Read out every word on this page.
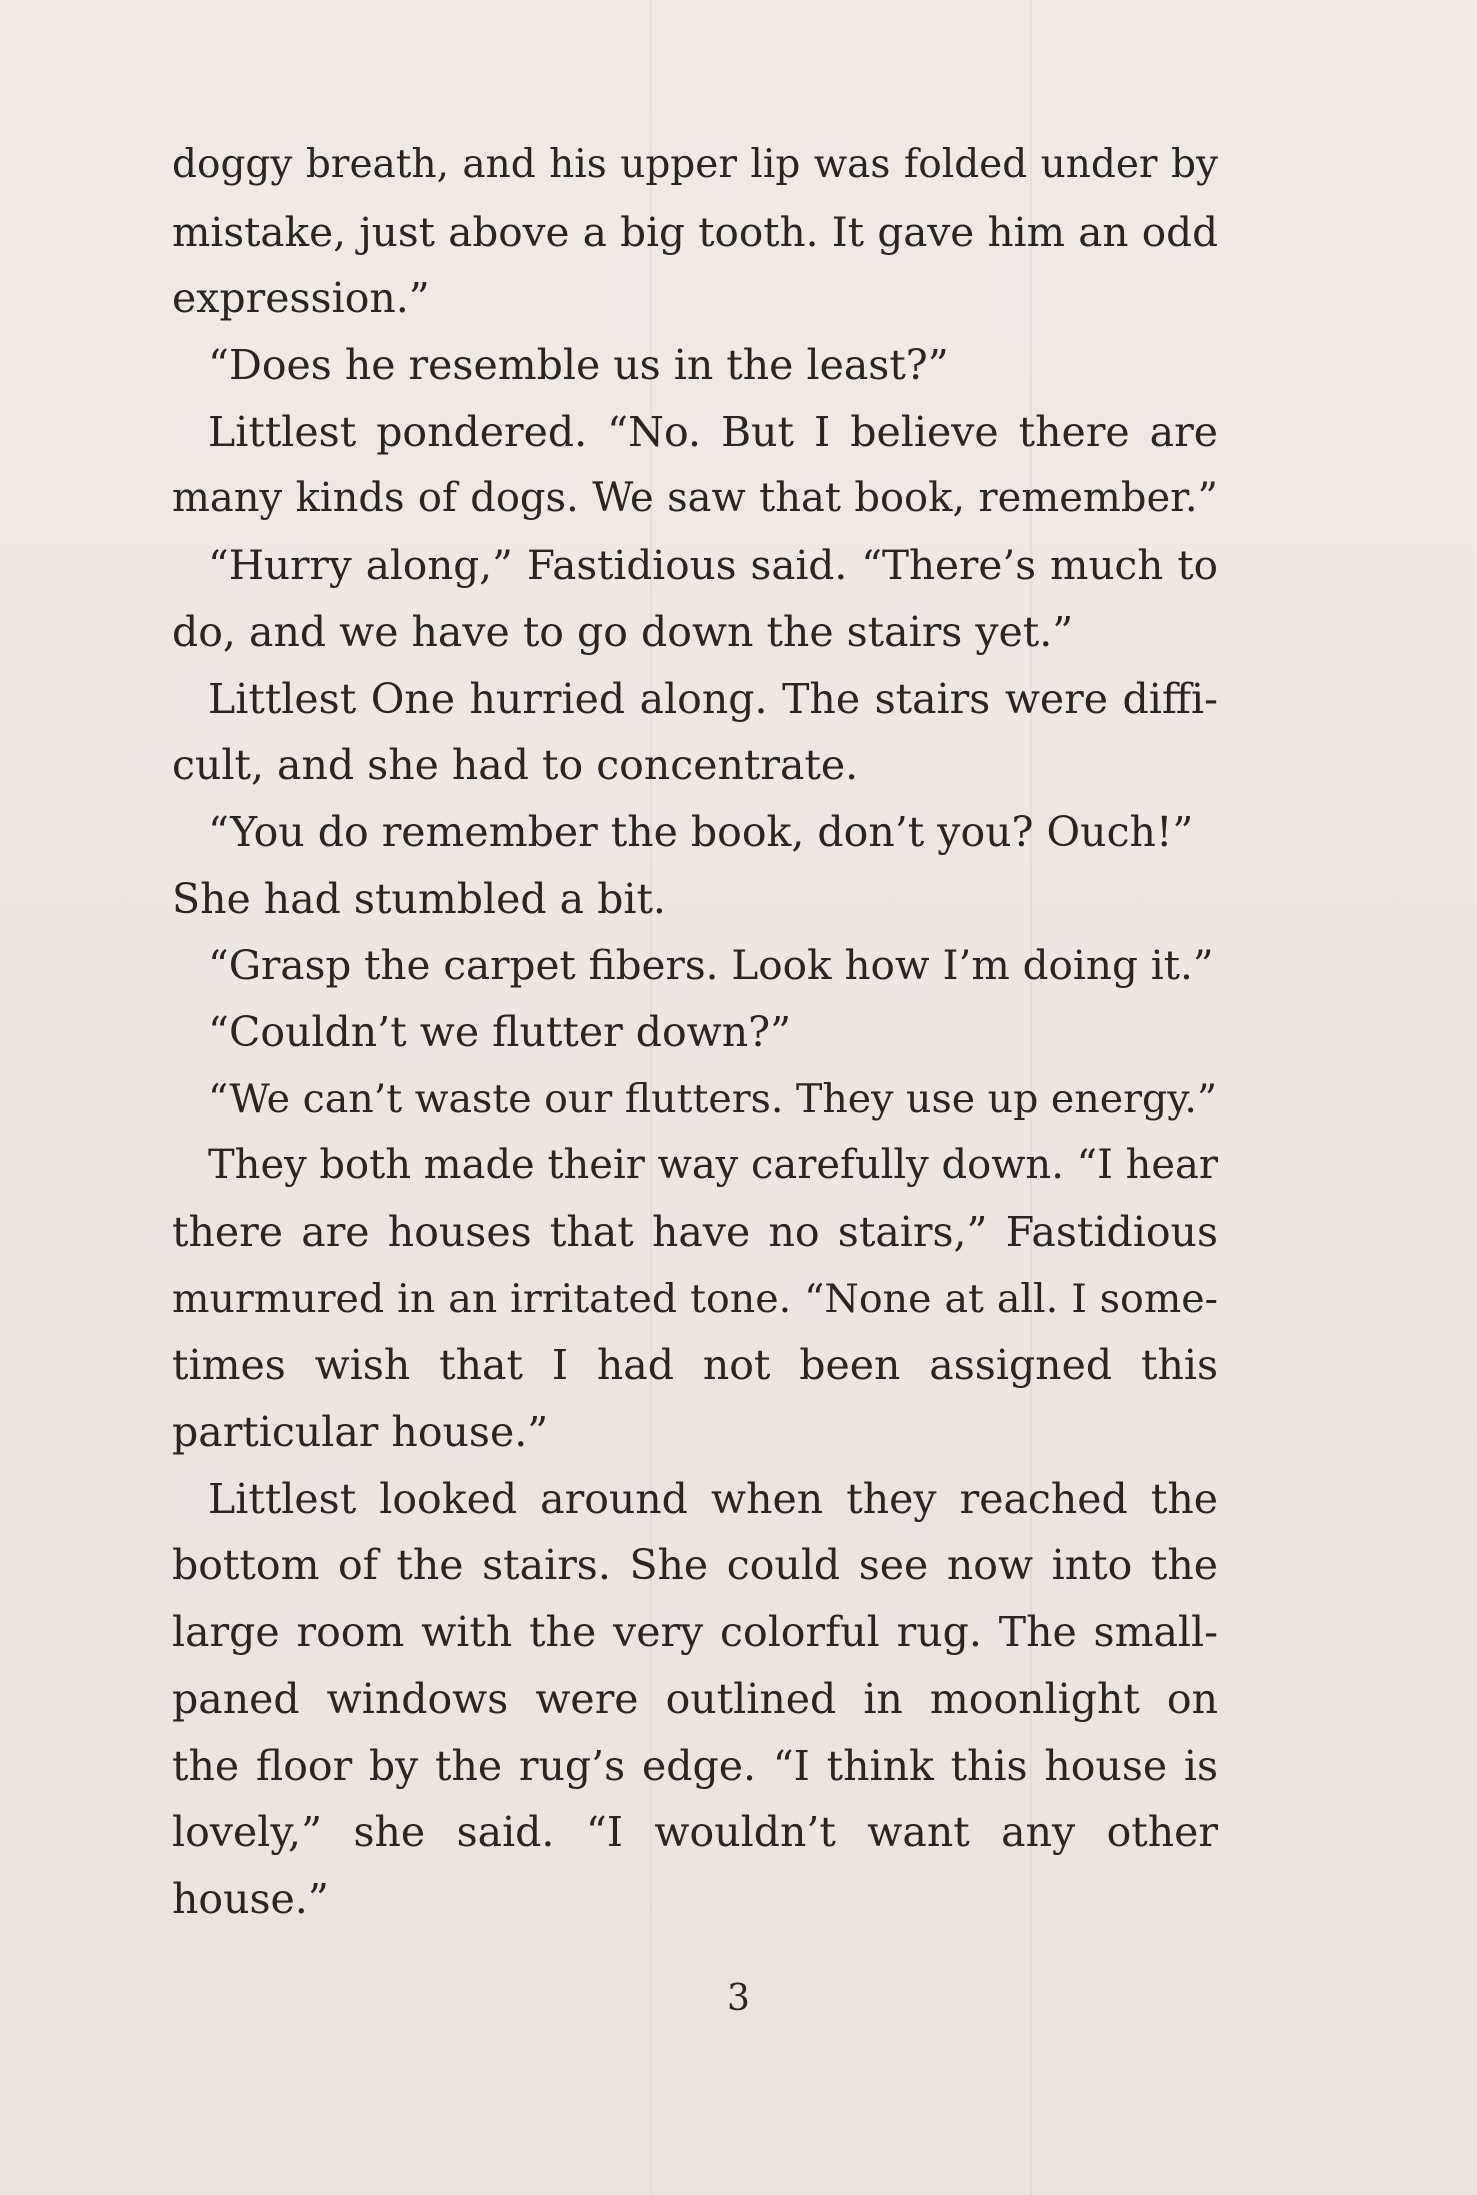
doggy breath, and his upper lip was folded under by
mistake, just above a big tooth. It gave him an odd
expression.”
“Does he resemble us in the least?”
Littlest pondered. “No. But I believe there are
many kinds of dogs. We saw that book, remember.”
“Hurry along,” Fastidious said. “There’s much to
do, and we have to go down the stairs yet.”
Littlest One hurried along. The stairs were diffi-
cult, and she had to concentrate.
“You do remember the book, don’t you? Ouch!”
She had stumbled a bit.
“Grasp the carpet fibers. Look how I’m doing it.”
“Couldn’t we flutter down?”
“We can’t waste our flutters. They use up energy.”
They both made their way carefully down. “I hear
there are houses that have no stairs,” Fastidious
murmured in an irritated tone. “None at all. I some-
times wish that I had not been assigned this
particular house.”
Littlest looked around when they reached the
bottom of the stairs. She could see now into the
large room with the very colorful rug. The small-
paned windows were outlined in moonlight on
the floor by the rug’s edge. “I think this house is
lovely,” she said. “I wouldn’t want any other
house.”
3
